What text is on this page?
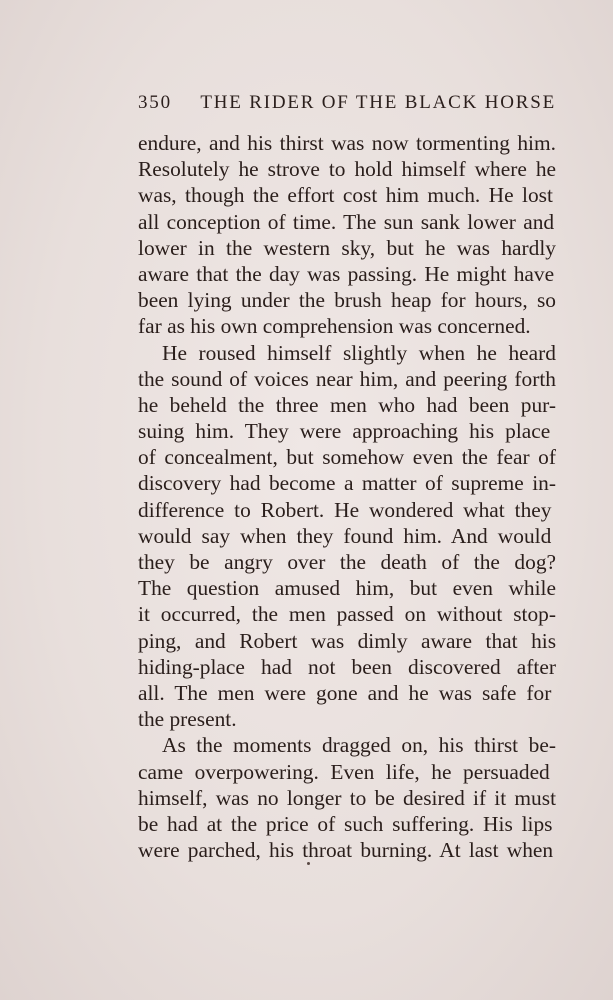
350 THE RIDER OF THE BLACK HORSE
endure, and his thirst was now tormenting him.
Resolutely he strove to hold himself where he
was, though the effort cost him much. He lost
all conception of time. The sun sank lower and
lower in the western sky, but he was hardly
aware that the day was passing. He might have
been lying under the brush heap for hours, so
far as his own comprehension was concerned.
He roused himself slightly when he heard
the sound of voices near him, and peering forth
he beheld the three men who had been pur-
suing him. They were approaching his place
of concealment, but somehow even the fear of
discovery had become a matter of supreme in-
difference to Robert. He wondered what they
would say when they found him. And would
they be angry over the death of the dog?
The question amused him, but even while
it occurred, the men passed on without stop-
ping, and Robert was dimly aware that his
hiding-place had not been discovered after
all. The men were gone and he was safe for
the present.
As the moments dragged on, his thirst be-
came overpowering. Even life, he persuaded
himself, was no longer to be desired if it must
be had at the price of such suffering. His lips
were parched, his throat burning. At last when
